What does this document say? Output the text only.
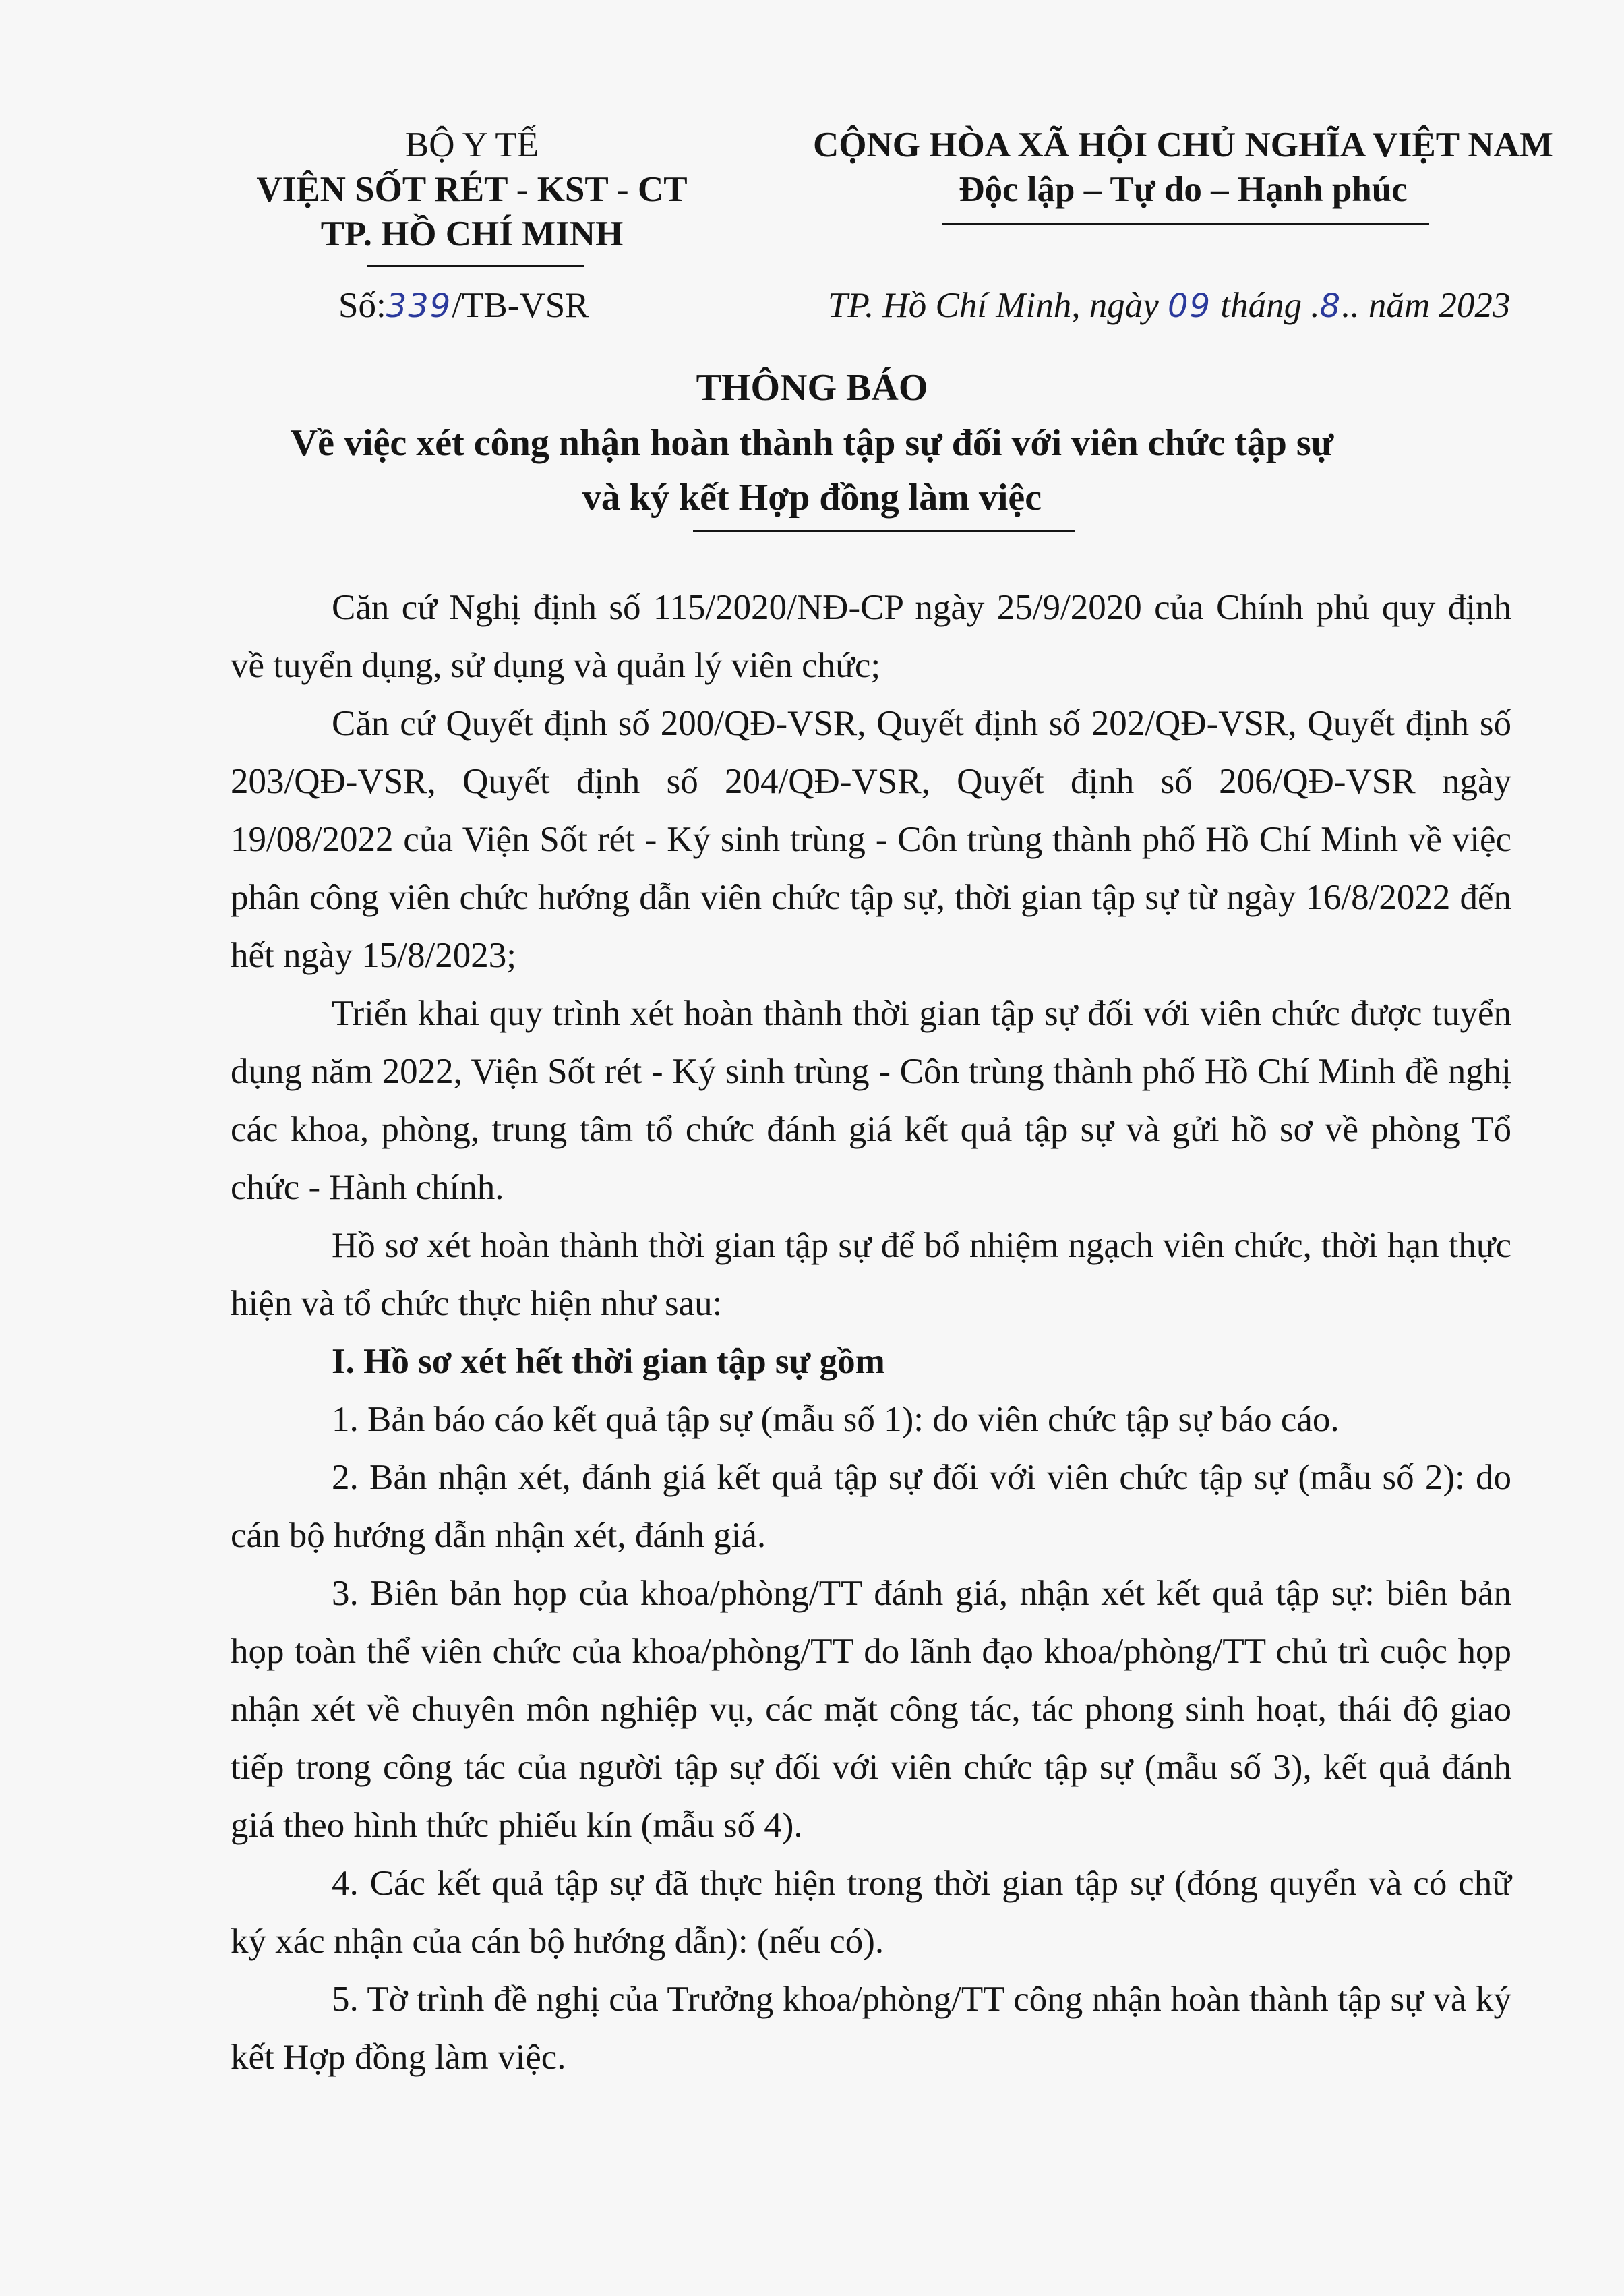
BỘ Y TẾ
VIỆN SỐT RÉT - KST - CT
TP. HỒ CHÍ MINH
CỘNG HÒA XÃ HỘI CHỦ NGHĨA VIỆT NAM
Độc lập – Tự do – Hạnh phúc
Số:339/TB-VSR	TP. Hồ Chí Minh, ngày 09 tháng .8.. năm 2023
THÔNG BÁO
Về việc xét công nhận hoàn thành tập sự đối với viên chức tập sự
và ký kết Hợp đồng làm việc

Căn cứ Nghị định số 115/2020/NĐ-CP ngày 25/9/2020 của Chính phủ quy định về tuyển dụng, sử dụng và quản lý viên chức;

Căn cứ Quyết định số 200/QĐ-VSR, Quyết định số 202/QĐ-VSR, Quyết định số 203/QĐ-VSR, Quyết định số 204/QĐ-VSR, Quyết định số 206/QĐ-VSR ngày 19/08/2022 của Viện Sốt rét - Ký sinh trùng - Côn trùng thành phố Hồ Chí Minh về việc phân công viên chức hướng dẫn viên chức tập sự, thời gian tập sự từ ngày 16/8/2022 đến hết ngày 15/8/2023;

Triển khai quy trình xét hoàn thành thời gian tập sự đối với viên chức được tuyển dụng năm 2022, Viện Sốt rét - Ký sinh trùng - Côn trùng thành phố Hồ Chí Minh đề nghị các khoa, phòng, trung tâm tổ chức đánh giá kết quả tập sự và gửi hồ sơ về phòng Tổ chức - Hành chính.

Hồ sơ xét hoàn thành thời gian tập sự để bổ nhiệm ngạch viên chức, thời hạn thực hiện và tổ chức thực hiện như sau:

I. Hồ sơ xét hết thời gian tập sự gồm

1. Bản báo cáo kết quả tập sự (mẫu số 1): do viên chức tập sự báo cáo.

2. Bản nhận xét, đánh giá kết quả tập sự đối với viên chức tập sự (mẫu số 2): do cán bộ hướng dẫn nhận xét, đánh giá.

3. Biên bản họp của khoa/phòng/TT đánh giá, nhận xét kết quả tập sự: biên bản họp toàn thể viên chức của khoa/phòng/TT do lãnh đạo khoa/phòng/TT chủ trì cuộc họp nhận xét về chuyên môn nghiệp vụ, các mặt công tác, tác phong sinh hoạt, thái độ giao tiếp trong công tác của người tập sự đối với viên chức tập sự (mẫu số 3), kết quả đánh giá theo hình thức phiếu kín (mẫu số 4).

4. Các kết quả tập sự đã thực hiện trong thời gian tập sự (đóng quyển và có chữ ký xác nhận của cán bộ hướng dẫn): (nếu có).

5. Tờ trình đề nghị của Trưởng khoa/phòng/TT công nhận hoàn thành tập sự và ký kết Hợp đồng làm việc.
